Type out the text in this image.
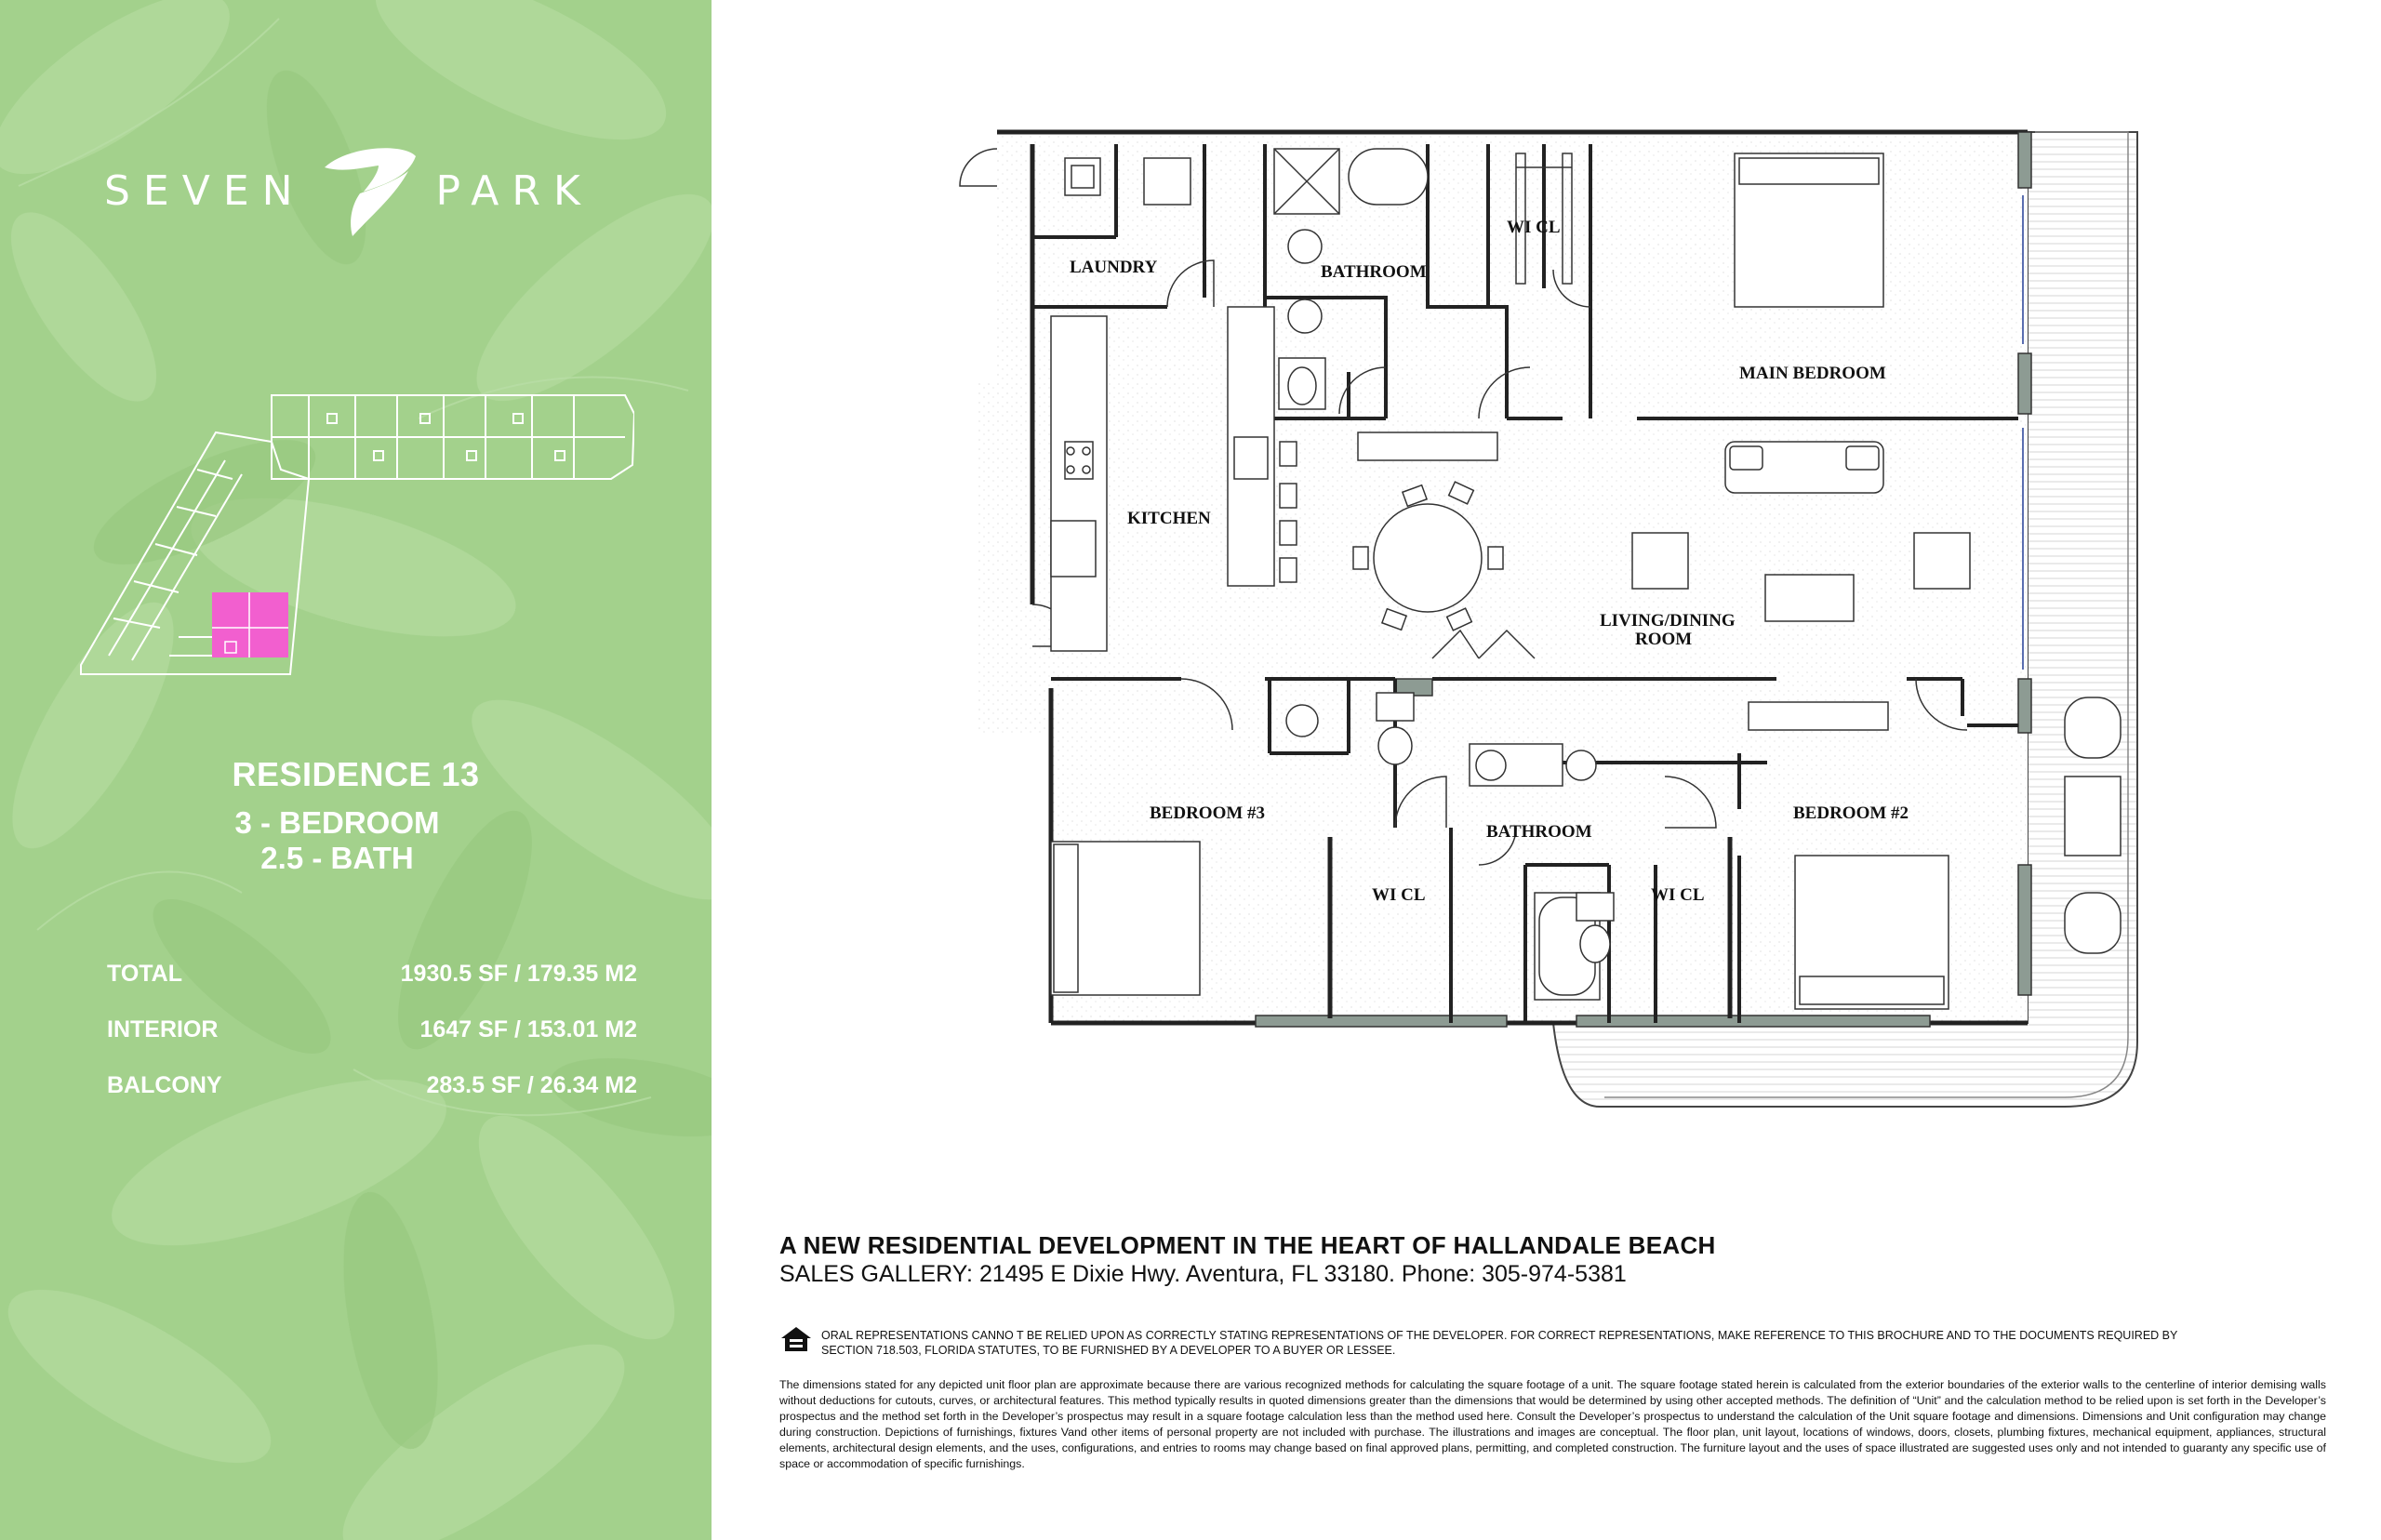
SEVEN	PARK
RESIDENCE 13
3 - BEDROOM
2.5 - BATH
TOTAL	1930.5 SF / 179.35 M2
INTERIOR	1647 SF / 153.01 M2
BALCONY	283.5 SF / 26.34 M2
LAUNDRY	BATHROOM
WI CL
MAIN BEDROOM
KITCHEN
LIVING/DINING
ROOM
BEDROOM #3
BATHROOM
BEDROOM #2
WI CL	WI CL
A NEW RESIDENTIAL DEVELOPMENT IN THE HEART OF HALLANDALE BEACH
SALES GALLERY: 21495 E Dixie Hwy. Aventura, FL 33180. Phone: 305-974-5381
ORAL REPRESENTATIONS CANNO T BE RELIED UPON AS CORRECTLY STATING REPRESENTATIONS OF THE DEVELOPER. FOR CORRECT REPRESENTATIONS, MAKE REFERENCE TO THIS BROCHURE AND TO THE DOCUMENTS REQUIRED BY SECTION 718.503, FLORIDA STATUTES, TO BE FURNISHED BY A DEVELOPER TO A BUYER OR LESSEE.
The dimensions stated for any depicted unit floor plan are approximate because there are various recognized methods for calculating the square footage of a unit. The square footage stated herein is calculated from the exterior boundaries of the exterior walls to the centerline of interior demising walls without deductions for cutouts, curves, or architectural features. This method typically results in quoted dimensions greater than the dimensions that would be determined by using other accepted methods. The definition of “Unit” and the calculation method to be relied upon is set forth in the Developer’s prospectus and the method set forth in the Developer’s prospectus may result in a square footage calculation less than the method used here. Consult the Developer’s prospectus to understand the calculation of the Unit square footage and dimensions. Dimensions and Unit configuration may change during construction. Depictions of furnishings, fixtures Vand other items of personal property are not included with purchase. The illustrations and images are conceptual. The floor plan, unit layout, locations of windows, doors, closets, plumbing fixtures, mechanical equipment, appliances, structural elements, architectural design elements, and the uses, configurations, and entries to rooms may change based on final approved plans, permitting, and completed construction. The furniture layout and the uses of space illustrated are suggested uses only and not intended to guaranty any specific use of space or accommodation of specific furnishings.
